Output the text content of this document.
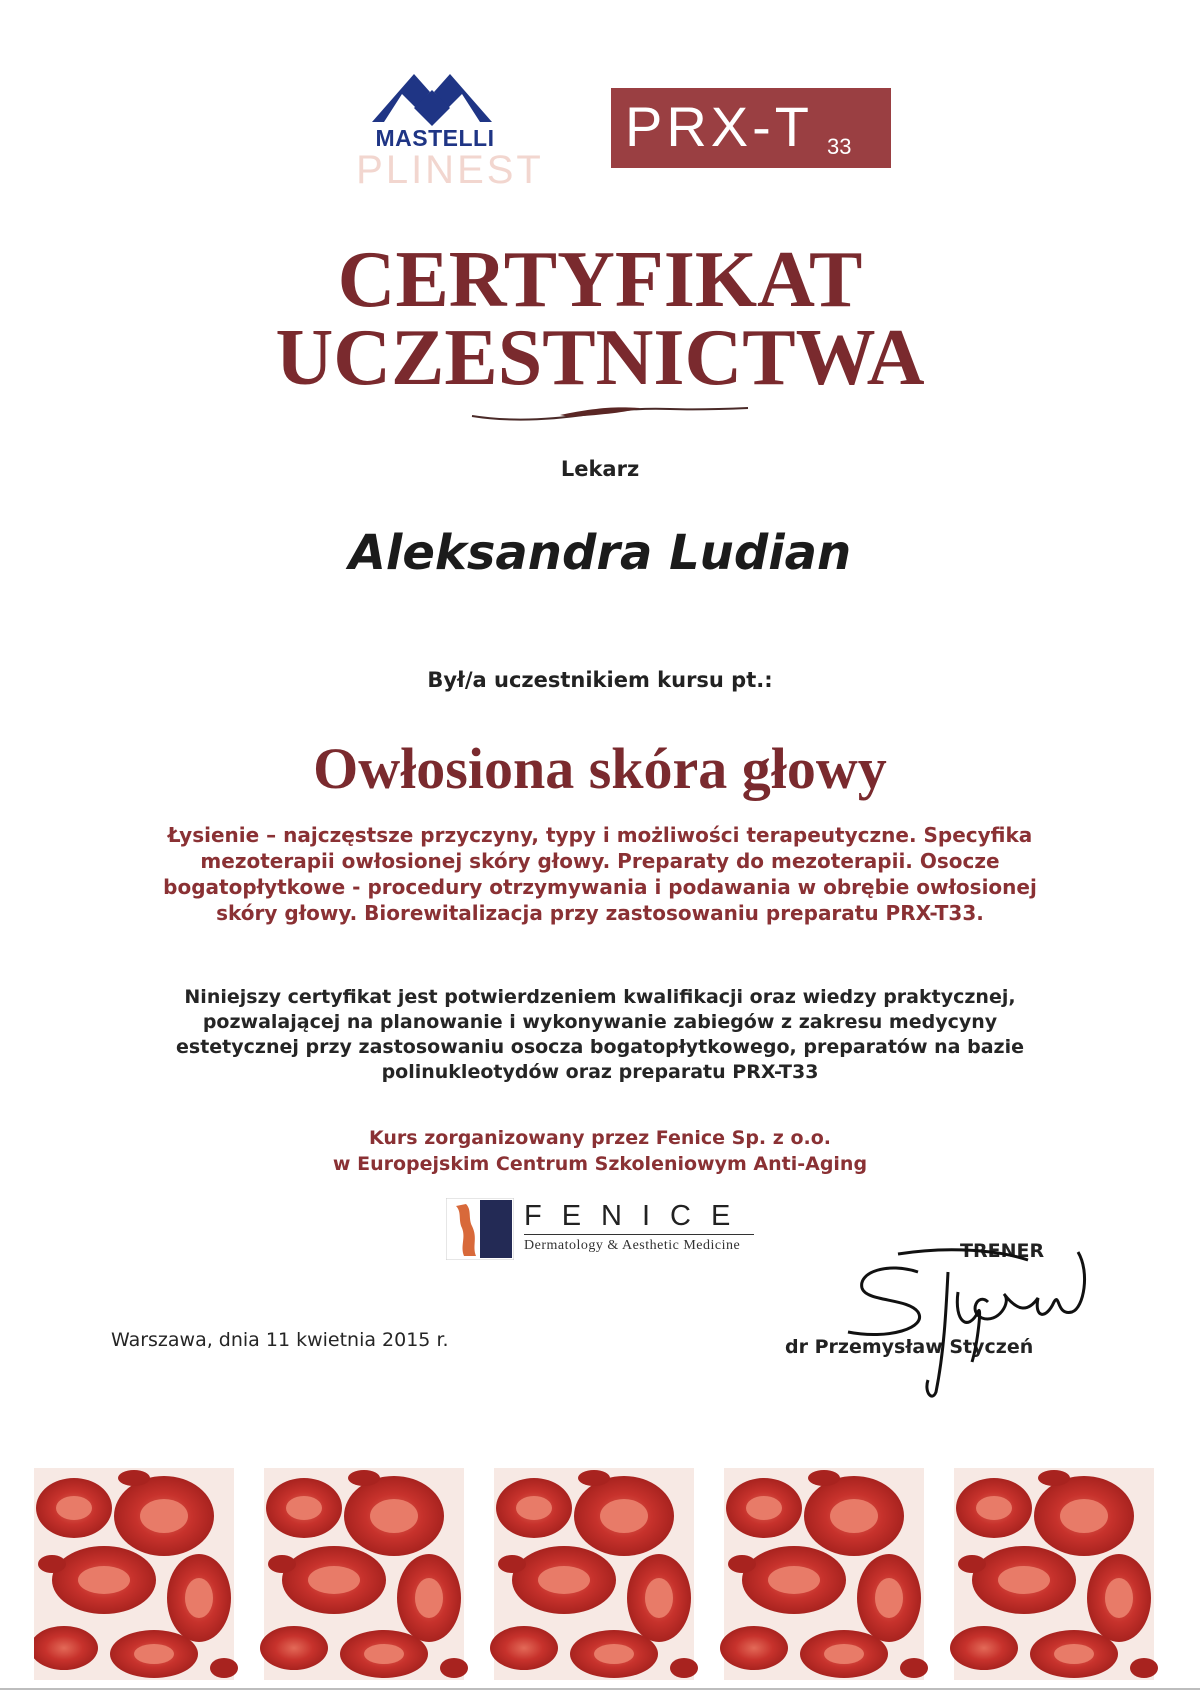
MASTELLI

PLINEST

PRX-T 33

CERTYFIKAT
UCZESTNICTWA

Lekarz

Aleksandra Ludian

Był/a uczestnikiem kursu pt.:

Owłosiona skóra głowy

Łysienie – najczęstsze przyczyny, typy i możliwości terapeutyczne. Specyfika mezoterapii owłosionej skóry głowy. Preparaty do mezoterapii. Osocze bogatopłytkowe - procedury otrzymywania i podawania w obrębie owłosionej skóry głowy. Biorewitalizacja przy zastosowaniu preparatu PRX-T33.

Niniejszy certyfikat jest potwierdzeniem kwalifikacji oraz wiedzy praktycznej, pozwalającej na planowanie i wykonywanie zabiegów z zakresu medycyny estetycznej przy zastosowaniu osocza bogatopłytkowego, preparatów na bazie polinukleotydów oraz preparatu PRX-T33

Kurs zorganizowany przez Fenice Sp. z o.o.
w Europejskim Centrum Szkoleniowym Anti-Aging

FENICE

Dermatology & Aesthetic Medicine

Warszawa, dnia 11 kwietnia 2015 r.

TRENER

dr Przemysław Styczeń
